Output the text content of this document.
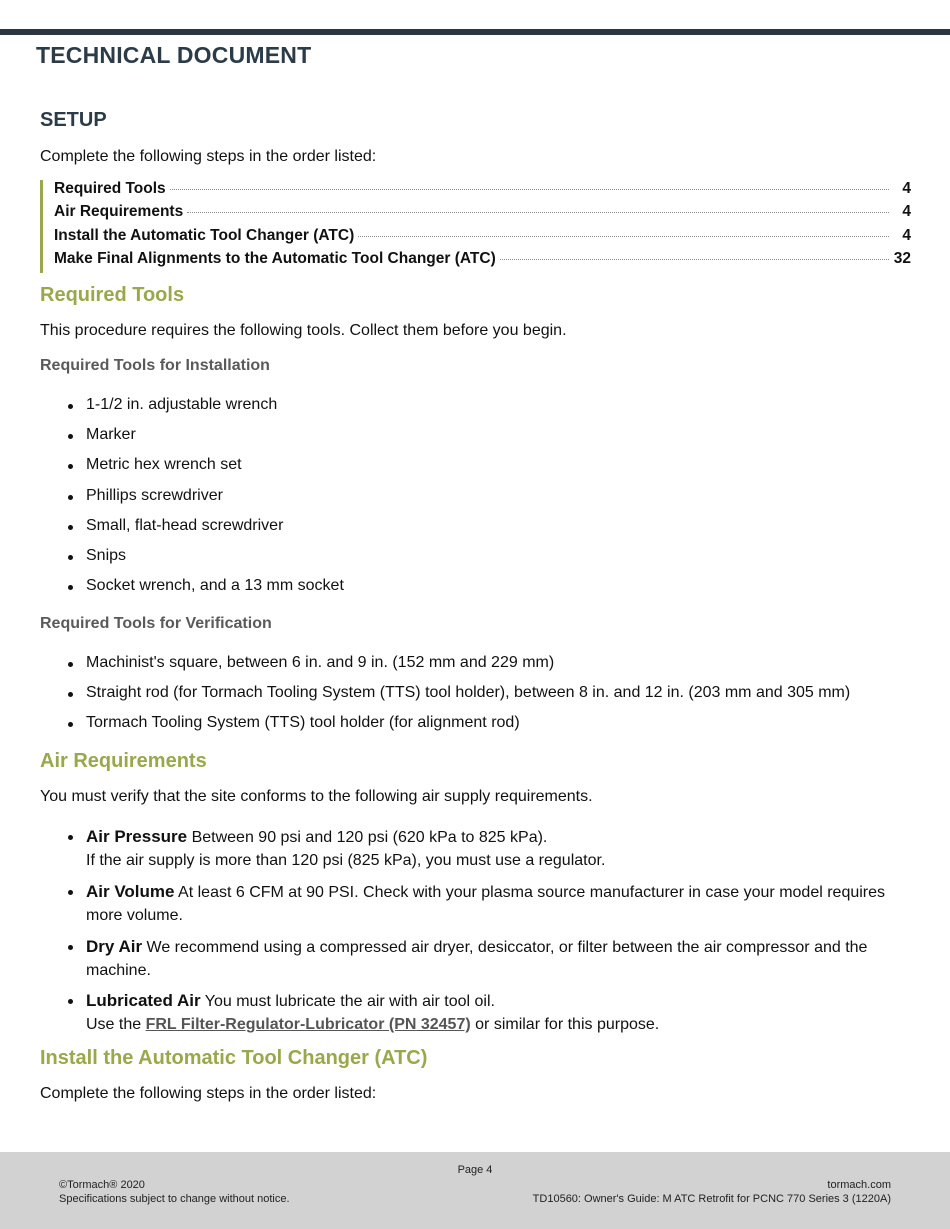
TECHNICAL DOCUMENT
SETUP
Complete the following steps in the order listed:
Required Tools	4
Air Requirements	4
Install the Automatic Tool Changer (ATC)	4
Make Final Alignments to the Automatic Tool Changer (ATC)	32
Required Tools
This procedure requires the following tools. Collect them before you begin.
Required Tools for Installation
1-1/2 in. adjustable wrench
Marker
Metric hex wrench set
Phillips screwdriver
Small, flat-head screwdriver
Snips
Socket wrench, and a 13 mm socket
Required Tools for Verification
Machinist's square, between 6 in. and 9 in. (152 mm and 229 mm)
Straight rod (for Tormach Tooling System (TTS) tool holder), between 8 in. and 12 in. (203 mm and 305 mm)
Tormach Tooling System (TTS) tool holder (for alignment rod)
Air Requirements
You must verify that the site conforms to the following air supply requirements.
Air Pressure Between 90 psi and 120 psi (620 kPa to 825 kPa).
If the air supply is more than 120 psi (825 kPa), you must use a regulator.
Air Volume At least 6 CFM at 90 PSI. Check with your plasma source manufacturer in case your model requires more volume.
Dry Air We recommend using a compressed air dryer, desiccator, or filter between the air compressor and the machine.
Lubricated Air You must lubricate the air with air tool oil.
Use the FRL Filter-Regulator-Lubricator (PN 32457) or similar for this purpose.
Install the Automatic Tool Changer (ATC)
Complete the following steps in the order listed:
Page 4
©Tormach® 2020
Specifications subject to change without notice.
tormach.com
TD10560: Owner's Guide: M ATC Retrofit for PCNC 770 Series 3 (1220A)
